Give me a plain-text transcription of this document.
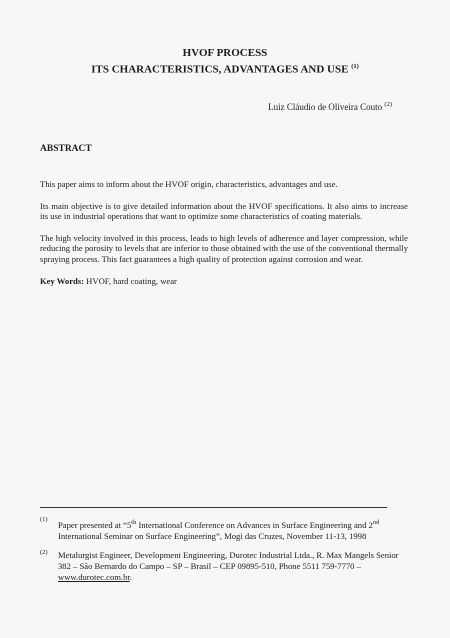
HVOF PROCESS
ITS CHARACTERISTICS, ADVANTAGES AND USE $^{(1)}$
Luiz Cláudio de Oliveira Couto $^{(2)}$
ABSTRACT

This paper aims to inform about the HVOF origin, characteristics, advantages and use.

Its main objective is to give detailed information about the HVOF specifications. It also aims to increase its use in industrial operations that want to optimize some characteristics of coating materials.

The high velocity involved in this process, leads to high levels of adherence and layer compression, while reducing the porosity to levels that are inferior to those obtained with the use of the conventional thermally spraying process. This fact guarantees a high quality of protection against corrosion and wear.

Key Words: HVOF, hard coating, wear

(1)
Paper presented at “5th International Conference on Advances in Surface Engineering and 2nd International Seminar on Surface Engineering”, Mogi das Cruzes, November 11-13, 1998
(2) Metalurgist Engineer, Development Engineering, Durotec Industrial Ltda., R. Max Mangels Senior 382 – São Bernardo do Campo – SP – Brasil – CEP 09895-510, Phone 5511 759-7770 – www.durotec.com.br.
